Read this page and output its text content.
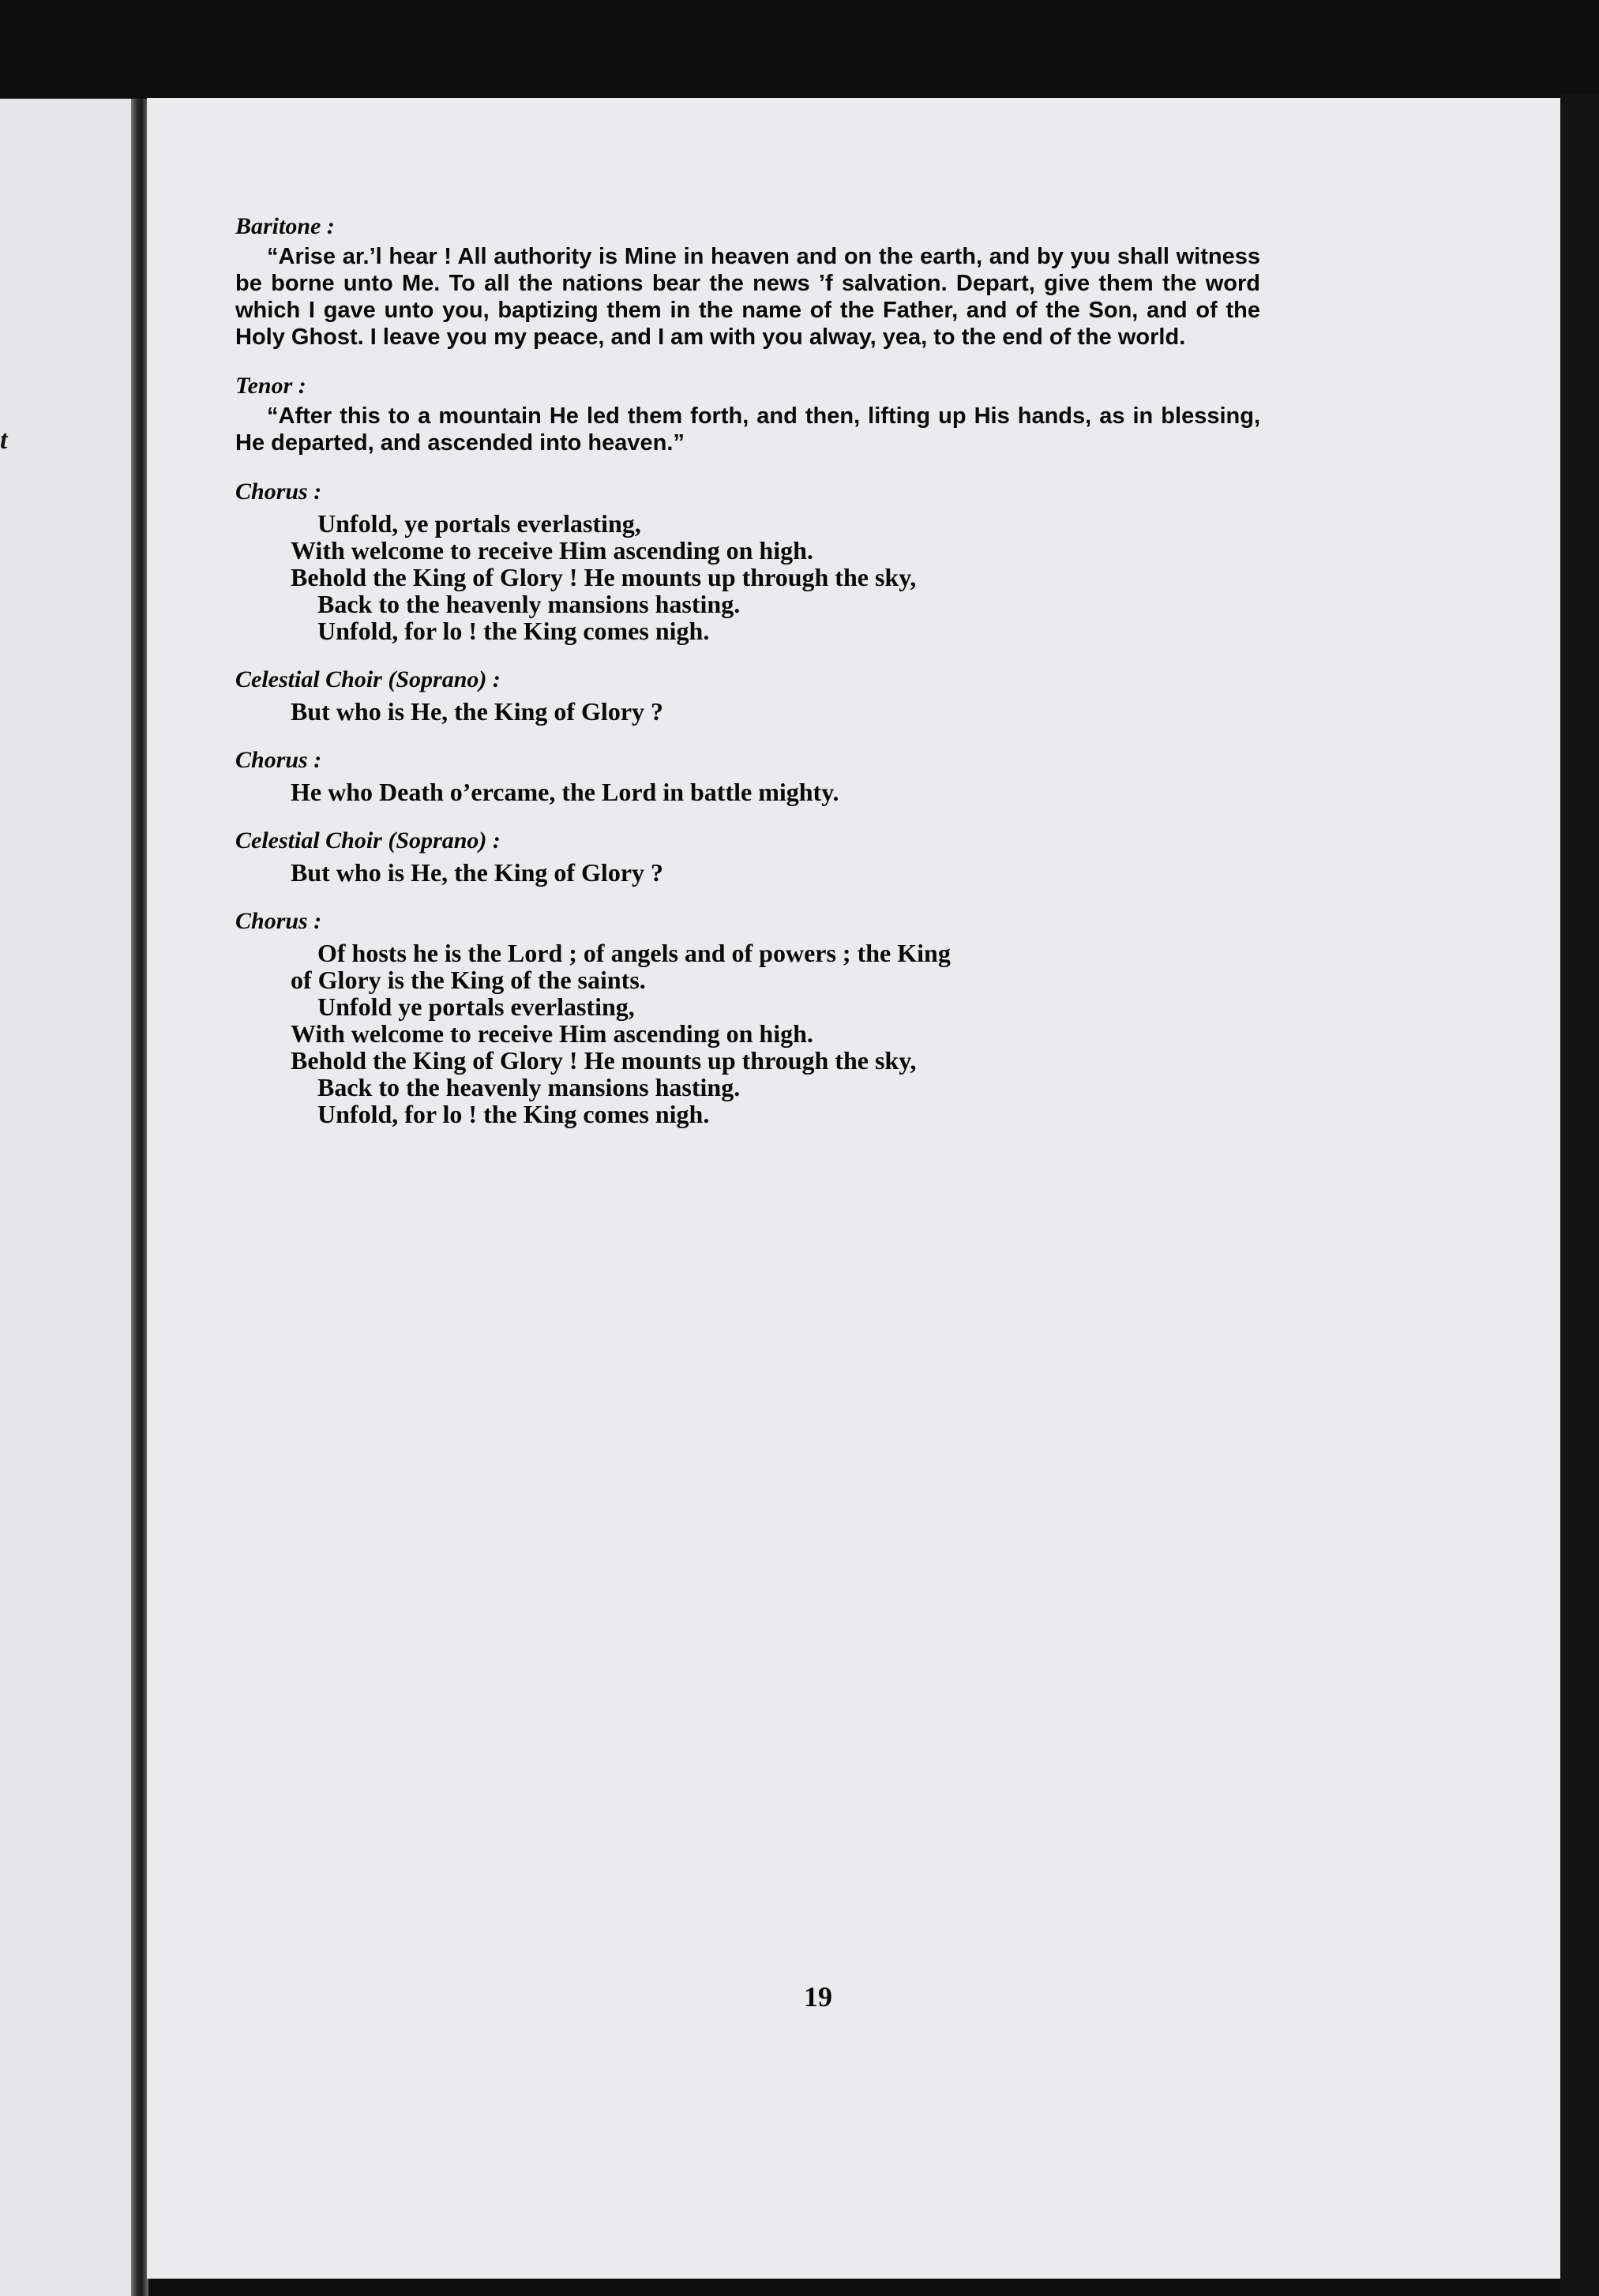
t

Baritone :

“Arise ar.’l hear ! All authority is Mine in heaven and on the earth, and by yυu shall witness be borne unto Me. To all the nations bear the news ’f salvation. Depart, give them the word which I gave unto you, baptizing them in the name of the Father, and of the Son, and of the Holy Ghost. I leave you my peace, and I am with you alway, yea, to the end of the world.

Tenor :

“After this to a mountain He led them forth, and then, lifting up His hands, as in blessing, He departed, and ascended into heaven.”

Chorus :

Unfold, ye portals everlasting,
With welcome to receive Him ascending on high.
Behold the King of Glory ! He mounts up through the sky,
Back to the heavenly mansions hasting.
Unfold, for lo ! the King comes nigh.

Celestial Choir (Soprano) :

But who is He, the King of Glory ?

Chorus :

He who Death o’ercame, the Lord in battle mighty.

Celestial Choir (Soprano) :

But who is He, the King of Glory ?

Chorus :

Of hosts he is the Lord ; of angels and of powers ; the King
of Glory is the King of the saints.
Unfold ye portals everlasting,
With welcome to receive Him ascending on high.
Behold the King of Glory ! He mounts up through the sky,
Back to the heavenly mansions hasting.
Unfold, for lo ! the King comes nigh.
19
